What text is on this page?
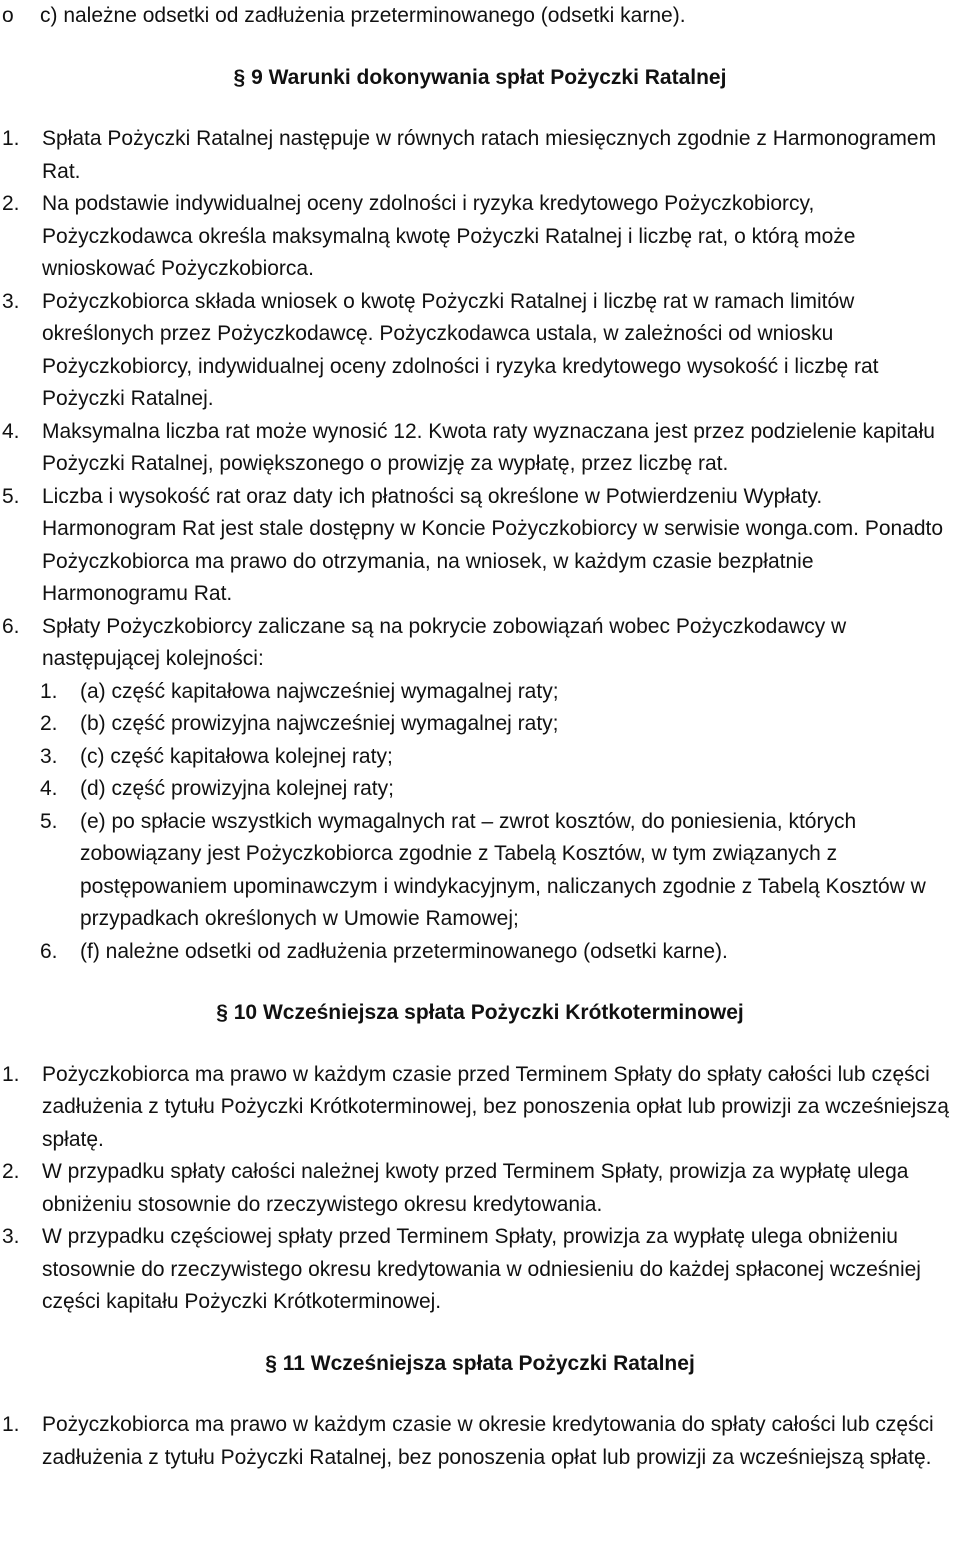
o	c) należne odsetki od zadłużenia przeterminowanego (odsetki karne).
§ 9 Warunki dokonywania spłat Pożyczki Ratalnej
1.	Spłata Pożyczki Ratalnej następuje w równych ratach miesięcznych zgodnie z Harmonogramem Rat.
2.	Na podstawie indywidualnej oceny zdolności i ryzyka kredytowego Pożyczkobiorcy, Pożyczkodawca określa maksymalną kwotę Pożyczki Ratalnej i liczbę rat, o którą może wnioskować Pożyczkobiorca.
3.	Pożyczkobiorca składa wniosek o kwotę Pożyczki Ratalnej i liczbę rat w ramach limitów określonych przez Pożyczkodawcę. Pożyczkodawca ustala, w zależności od wniosku Pożyczkobiorcy, indywidualnej oceny zdolności i ryzyka kredytowego wysokość i liczbę rat Pożyczki Ratalnej.
4.	Maksymalna liczba rat może wynosić 12. Kwota raty wyznaczana jest przez podzielenie kapitału Pożyczki Ratalnej, powiększonego o prowizję za wypłatę, przez liczbę rat.
5.	Liczba i wysokość rat oraz daty ich płatności są określone w Potwierdzeniu Wypłaty. Harmonogram Rat jest stale dostępny w Koncie Pożyczkobiorcy w serwisie wonga.com. Ponadto Pożyczkobiorca ma prawo do otrzymania, na wniosek, w każdym czasie bezpłatnie Harmonogramu Rat.
6.	Spłaty Pożyczkobiorcy zaliczane są na pokrycie zobowiązań wobec Pożyczkodawcy w następującej kolejności:
1.	(a) część kapitałowa najwcześniej wymagalnej raty;
2.	(b) część prowizyjna najwcześniej wymagalnej raty;
3.	(c) część kapitałowa kolejnej raty;
4.	(d) część prowizyjna kolejnej raty;
5.	(e) po spłacie wszystkich wymagalnych rat – zwrot kosztów, do poniesienia, których zobowiązany jest Pożyczkobiorca zgodnie z Tabelą Kosztów, w tym związanych z postępowaniem upominawczym i windykacyjnym, naliczanych zgodnie z Tabelą Kosztów w przypadkach określonych w Umowie Ramowej;
6.	(f) należne odsetki od zadłużenia przeterminowanego (odsetki karne).
§ 10 Wcześniejsza spłata Pożyczki Krótkoterminowej
1.	Pożyczkobiorca ma prawo w każdym czasie przed Terminem Spłaty do spłaty całości lub części zadłużenia z tytułu Pożyczki Krótkoterminowej, bez ponoszenia opłat lub prowizji za wcześniejszą spłatę.
2.	W przypadku spłaty całości należnej kwoty przed Terminem Spłaty, prowizja za wypłatę ulega obniżeniu stosownie do rzeczywistego okresu kredytowania.
3.	W przypadku częściowej spłaty przed Terminem Spłaty, prowizja za wypłatę ulega obniżeniu stosownie do rzeczywistego okresu kredytowania w odniesieniu do każdej spłaconej wcześniej części kapitału Pożyczki Krótkoterminowej.
§ 11 Wcześniejsza spłata Pożyczki Ratalnej
1.	Pożyczkobiorca ma prawo w każdym czasie w okresie kredytowania do spłaty całości lub części zadłużenia z tytułu Pożyczki Ratalnej, bez ponoszenia opłat lub prowizji za wcześniejszą spłatę.
